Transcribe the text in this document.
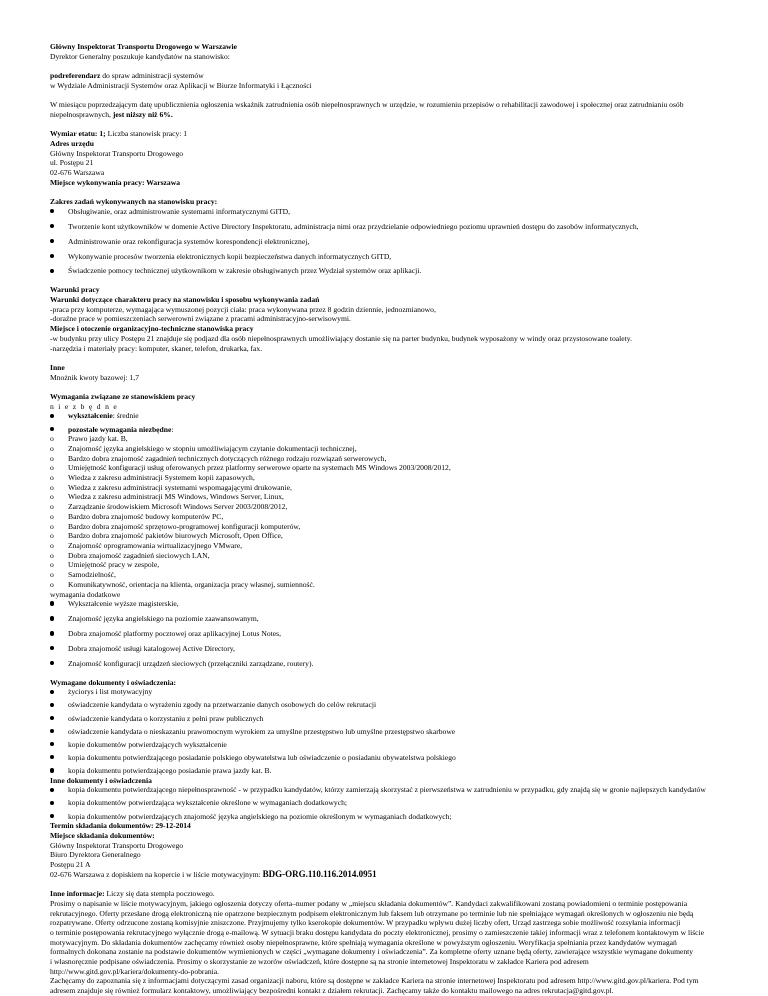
Główny Inspektorat Transportu Drogowego w Warszawie

Dyrektor Generalny poszukuje kandydatów na stanowisko:

podreferendarz do spraw administracji systemów

w Wydziale Administracji Systemów oraz Aplikacji w Biurze Informatyki i Łączności

W miesiącu poprzedzającym datę upublicznienia ogłoszenia wskaźnik zatrudnienia osób niepełnosprawnych w urzędzie, w rozumieniu przepisów o rehabilitacji zawodowej i społecznej oraz zatrudnianiu osób niepełnosprawnych, jest niższy niż 6%.

Wymiar etatu: 1; Liczba stanowisk pracy: 1

Adres urzędu

Główny Inspektorat Transportu Drogowego

ul. Postępu 21

02-676 Warszawa

Miejsce wykonywania pracy: Warszawa

Zakres zadań wykonywanych na stanowisku pracy:

Obsługiwanie, oraz administrowanie systemami informatycznymi GITD,
Tworzenie kont użytkowników w domenie Active Directory Inspektoratu, administracja nimi oraz przydzielanie odpowiedniego poziomu uprawnień dostępu do zasobów informatycznych,
Administrowanie oraz rekonfiguracja systemów korespondencji elektronicznej,
Wykonywanie procesów tworzenia elektronicznych kopii bezpieczeństwa danych informatycznych GITD,
Świadczenie pomocy technicznej użytkownikom w zakresie obsługiwanych przez Wydział systemów oraz aplikacji.

Warunki pracy

Warunki dotyczące charakteru pracy na stanowisku i sposobu wykonywania zadań

-praca przy komputerze, wymagająca wymuszonej pozycji ciała: praca wykonywana przez 8 godzin dziennie, jednozmianowo,

-doraźne prace w pomieszczeniach serwerowni związane z pracami administracyjno-serwisowymi.

Miejsce i otoczenie organizacyjno-techniczne stanowiska pracy

-w budynku przy ulicy Postępu 21 znajduje się podjazd dla osób niepełnosprawnych umożliwiający dostanie się na parter budynku, budynek wyposażony w windy oraz przystosowane toalety.

-narzędzia i materiały pracy: komputer, skaner, telefon, drukarka, fax.

Inne

Mnożnik kwoty bazowej: 1,7

Wymagania związane ze stanowiskiem pracy

n i e z b ę d n e

wykształcenie: średnie
pozostałe wymagania niezbędne:
o Prawo jazdy kat. B,
o Znajomość języka angielskiego w stopniu umożliwiającym czytanie dokumentacji technicznej,
o Bardzo dobra znajomość zagadnień technicznych dotyczących różnego rodzaju rozwiązań serwerowych,
o Umiejętność konfiguracji usług oferowanych przez platformy serwerowe oparte na systemach MS Windows 2003/2008/2012,
o Wiedza z zakresu administracji Systemem kopii zapasowych,
o Wiedza z zakresu administracji systemami wspomagającymi drukowanie,
o Wiedza z zakresu administracji MS Windows, Windows Server, Linux,
o Zarządzanie środowiskiem Microsoft Windows Server 2003/2008/2012,
o Bardzo dobra znajomość budowy komputerów PC,
o Bardzo dobra znajomość sprzętowo-programowej konfiguracji komputerów,
o Bardzo dobra znajomość pakietów biurowych Microsoft, Open Office,
o Znajomość oprogramowania wirtualizacyjnego VMware,
o Dobra znajomość zagadnień sieciowych LAN,
o Umiejętność pracy w zespole,
o Samodzielność,
o Komunikatywność, orientacja na klienta, organizacja pracy własnej, sumienność.

wymagania dodatkowe

Wykształcenie wyższe magisterskie,
Znajomość języka angielskiego na poziomie zaawansowanym,
Dobra znajomość platformy pocztowej oraz aplikacyjnej Lotus Notes,
Dobra znajomość usługi katalogowej Active Directory,
Znajomość konfiguracji urządzeń sieciowych (przełączniki zarządzane, routery).

Wymagane dokumenty i oświadczenia:

życiorys i list motywacyjny
oświadczenie kandydata o wyrażeniu zgody na przetwarzanie danych osobowych do celów rekrutacji
oświadczenie kandydata o korzystaniu z pełni praw publicznych
oświadczenie kandydata o nieskazaniu prawomocnym wyrokiem za umyślne przestępstwo lub umyślne przestępstwo skarbowe
kopie dokumentów potwierdzających wykształcenie
kopia dokumentu potwierdzającego posiadanie polskiego obywatelstwa lub oświadczenie o posiadaniu obywatelstwa polskiego
kopia dokumentu potwierdzającego posiadanie prawa jazdy kat. B.

Inne dokumenty i oświadczenia

kopia dokumentu potwierdzającego niepełnosprawność - w przypadku kandydatów, którzy zamierzają skorzystać z pierwszeństwa w zatrudnieniu w przypadku, gdy znajdą się w gronie najlepszych kandydatów
kopia dokumentów potwierdzająca wykształcenie określone w wymaganiach dodatkowych;
kopia dokumentów potwierdzających znajomość języka angielskiego na poziomie określonym w wymaganiach dodatkowych;

Termin składania dokumentów: 29-12-2014

Miejsce składania dokumentów:

Główny Inspektorat Transportu Drogowego

Biuro Dyrektora Generalnego

Postępu 21 A

02-676 Warszawa z dopiskiem na kopercie i w liście motywacyjnym: BDG-ORG.110.116.2014.0951

Inne informacje: Liczy się data stempla pocztowego.

Prosimy o napisanie w liście motywacyjnym, jakiego ogłoszenia dotyczy oferta–numer podany w „miejscu składania dokumentów”. Kandydaci zakwalifikowani zostaną powiadomieni o terminie postępowania

rekrutacyjnego. Oferty przesłane drogą elektroniczną nie opatrzone bezpiecznym podpisem elektronicznym lub faksem lub otrzymane po terminie lub nie spełniające wymagań określonych w ogłoszeniu nie będą

rozpatrywane. Oferty odrzucone zostaną komisyjnie zniszczone. Przyjmujemy tylko kserokopie dokumentów. W przypadku wpływu dużej liczby ofert, Urząd zastrzega sobie możliwość rozsyłania informacji

o terminie postępowania rekrutacyjnego wyłącznie drogą e-mailową. W sytuacji braku dostępu kandydata do poczty elektronicznej, prosimy o zamieszczenie takiej informacji wraz z telefonem kontaktowym w liście

motywacyjnym. Do składania dokumentów zachęcamy również osoby niepełnosprawne, które spełniają wymagania określone w powyższym ogłoszeniu. Weryfikacja spełniania przez kandydatów wymagań

formalnych dokonana zostanie na podstawie dokumentów wymienionych w części „wymagane dokumenty i oświadczenia”. Za kompletne oferty uznane będą oferty, zawierające wszystkie wymagane dokumenty

i własnoręcznie podpisane oświadczenia. Prosimy o skorzystanie ze wzorów oświadczeń, które dostępne są na stronie internetowej Inspektoratu w zakładce Kariera pod adresem

http://www.gitd.gov.pl/kariera/dokumenty-do-pobrania.

Zachęcamy do zapoznania się z informacjami dotyczącymi zasad organizacji naboru, które są dostępne w zakładce Kariera na stronie internetowej Inspektoratu pod adresem http://www.gitd.gov.pl/kariera. Pod tym

adresem znajduje się również formularz kontaktowy, umożliwiający bezpośredni kontakt z działem rekrutacji. Zachęcamy także do kontaktu mailowego na adres rekrutacja@gitd.gov.pl.
